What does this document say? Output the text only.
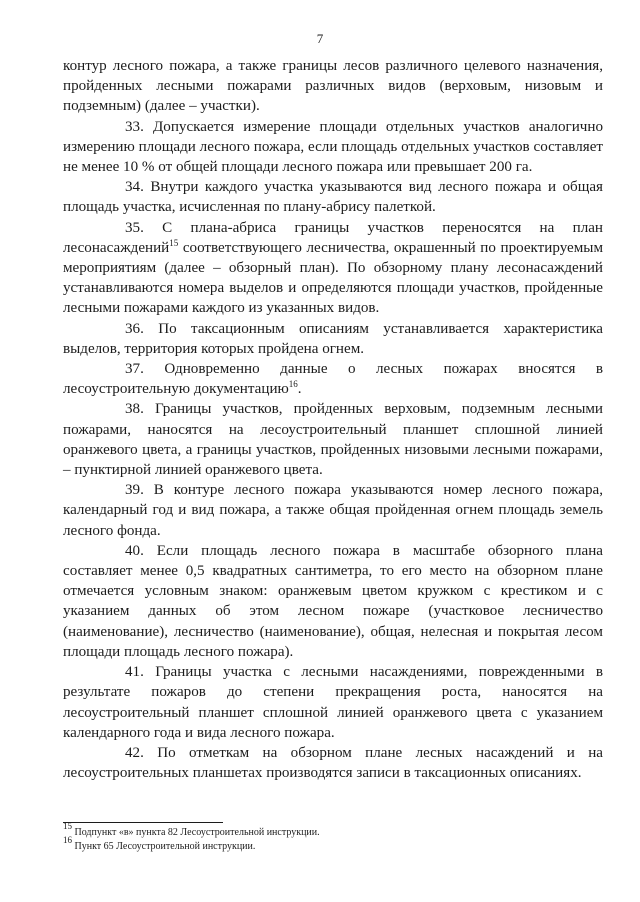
7

контур лесного пожара, а также границы лесов различного целевого назначения, пройденных лесными пожарами различных видов (верховым, низовым и подземным) (далее – участки).

33. Допускается измерение площади отдельных участков аналогично измерению площади лесного пожара, если площадь отдельных участков составляет не менее 10 % от общей площади лесного пожара или превышает 200 га.

34. Внутри каждого участка указываются вид лесного пожара и общая площадь участка, исчисленная по плану-абрису палеткой.

35. С плана-абриса границы участков переносятся на план лесонасаждений$^{15}$ соответствующего лесничества, окрашенный по проектируемым мероприятиям (далее – обзорный план). По обзорному плану лесонасаждений устанавливаются номера выделов и определяются площади участков, пройденные лесными пожарами каждого из указанных видов.

36. По таксационным описаниям устанавливается характеристика выделов, территория которых пройдена огнем.

37. Одновременно данные о лесных пожарах вносятся в лесоустроительную документацию$^{16}$.

38. Границы участков, пройденных верховым, подземным лесными пожарами, наносятся на лесоустроительный планшет сплошной линией оранжевого цвета, а границы участков, пройденных низовыми лесными пожарами, – пунктирной линией оранжевого цвета.

39. В контуре лесного пожара указываются номер лесного пожара, календарный год и вид пожара, а также общая пройденная огнем площадь земель лесного фонда.

40. Если площадь лесного пожара в масштабе обзорного плана составляет менее 0,5 квадратных сантиметра, то его место на обзорном плане отмечается условным знаком: оранжевым цветом кружком с крестиком и с указанием данных об этом лесном пожаре (участковое лесничество (наименование), лесничество (наименование), общая, нелесная и покрытая лесом площади площадь лесного пожара).

41. Границы участка с лесными насаждениями, поврежденными в результате пожаров до степени прекращения роста, наносятся на лесоустроительный планшет сплошной линией оранжевого цвета с указанием календарного года и вида лесного пожара.

42. По отметкам на обзорном плане лесных насаждений и на лесоустроительных планшетах производятся записи в таксационных описаниях.

$^{15}$ Подпункт «в» пункта 82 Лесоустроительной инструкции.
$^{16}$ Пункт 65 Лесоустроительной инструкции.
